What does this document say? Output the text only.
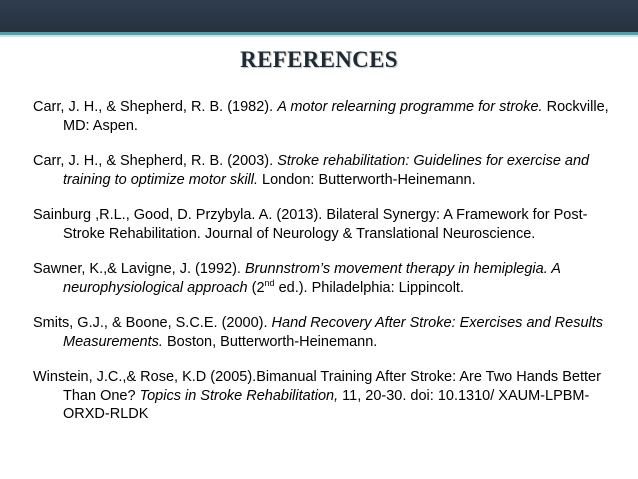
REFERENCES

Carr, J. H., & Shepherd, R. B. (1982). A motor relearning programme for stroke. Rockville, MD: Aspen.

Carr, J. H., & Shepherd, R. B. (2003). Stroke rehabilitation: Guidelines for exercise and training to optimize motor skill. London: Butterworth-Heinemann.

Sainburg ,R.L., Good, D. Przybyla. A. (2013). Bilateral Synergy: A Framework for Post-Stroke Rehabilitation. Journal of Neurology & Translational Neuroscience.

Sawner, K.,& Lavigne, J. (1992). Brunnstrom’s movement therapy in hemiplegia. A neurophysiological approach (2nd ed.). Philadelphia: Lippincolt.

Smits, G.J., & Boone, S.C.E. (2000). Hand Recovery After Stroke: Exercises and Results Measurements. Boston, Butterworth-Heinemann.

Winstein, J.C.,& Rose, K.D (2005).Bimanual Training After Stroke: Are Two Hands Better Than One? Topics in Stroke Rehabilitation, 11, 20-30. doi: 10.1310/ XAUM-LPBM-ORXD-RLDK
